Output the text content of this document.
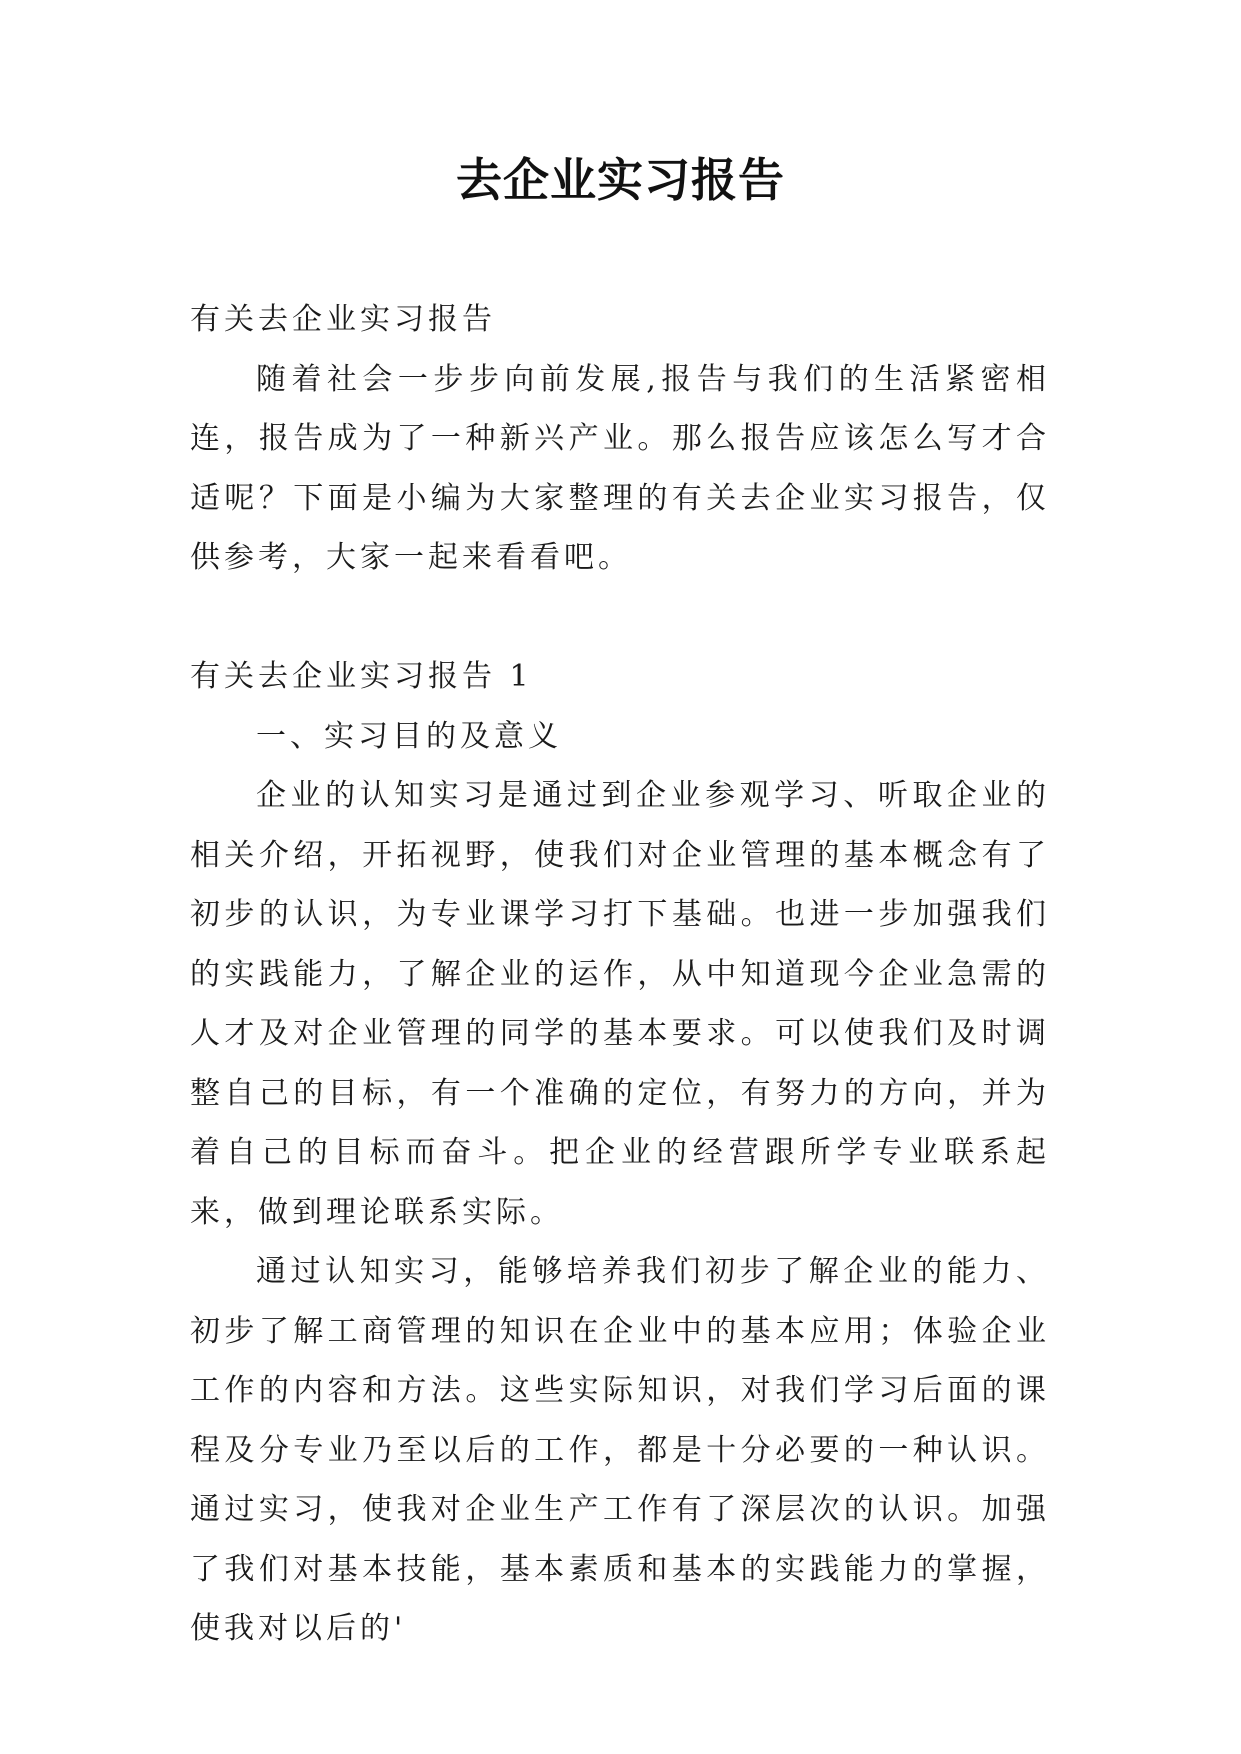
去企业实习报告

有关去企业实习报告

随着社会一步步向前发展,报告与我们的生活紧密相连，报告成为了一种新兴产业。那么报告应该怎么写才合适呢？下面是小编为大家整理的有关去企业实习报告，仅供参考，大家一起来看看吧。

有关去企业实习报告 1

一、实习目的及意义

企业的认知实习是通过到企业参观学习、听取企业的相关介绍，开拓视野，使我们对企业管理的基本概念有了初步的认识，为专业课学习打下基础。也进一步加强我们的实践能力，了解企业的运作，从中知道现今企业急需的人才及对企业管理的同学的基本要求。可以使我们及时调整自己的目标，有一个准确的定位，有努力的方向，并为着自己的目标而奋斗。把企业的经营跟所学专业联系起来，做到理论联系实际。

通过认知实习，能够培养我们初步了解企业的能力、初步了解工商管理的知识在企业中的基本应用；体验企业工作的内容和方法。这些实际知识，对我们学习后面的课程及分专业乃至以后的工作，都是十分必要的一种认识。通过实习，使我对企业生产工作有了深层次的认识。加强了我们对基本技能，基本素质和基本的实践能力的掌握，使我对以后的'
